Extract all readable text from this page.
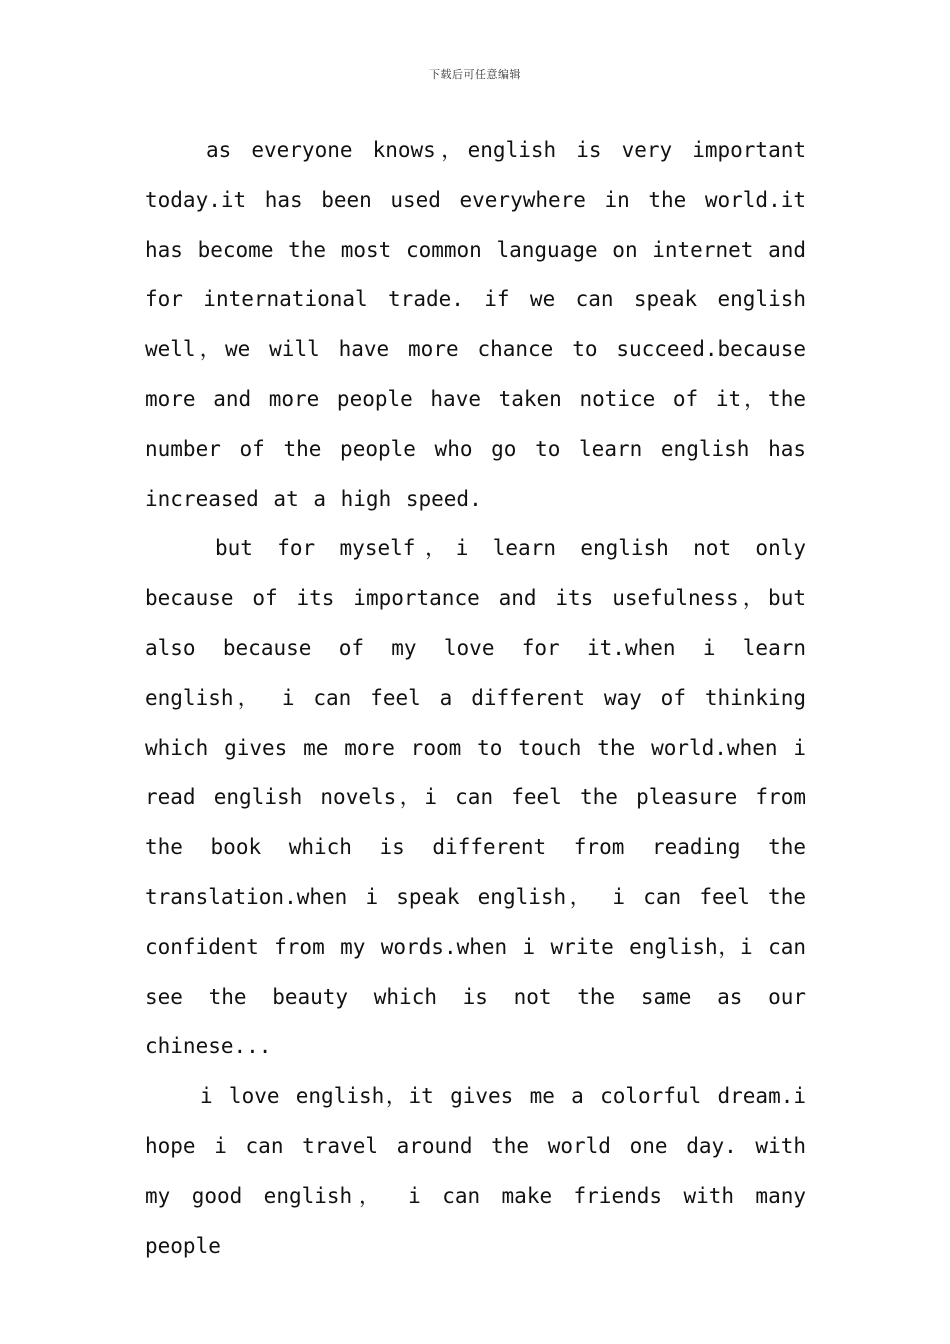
下载后可任意编辑

as everyone knows，english is very important today.it has been used everywhere in the world.it has become the most common language on internet and for international trade. if we can speak english well，we will have more chance to succeed.because more and more people have taken notice of it，the number of the people who go to learn english has increased at a high speed.

but for myself，i learn english not only because of its importance and its usefulness，but also because of my love for it.when i learn english， i can feel a different way of thinking which gives me more room to touch the world.when i read english novels，i can feel the pleasure from the book which is different from reading the translation.when i speak english， i can feel the confident from my words.when i write english，i can see the beauty which is not the same as our chinese...

i love english，it gives me a colorful dream.i hope i can travel around the world one day. with my good english， i can make friends with many people
